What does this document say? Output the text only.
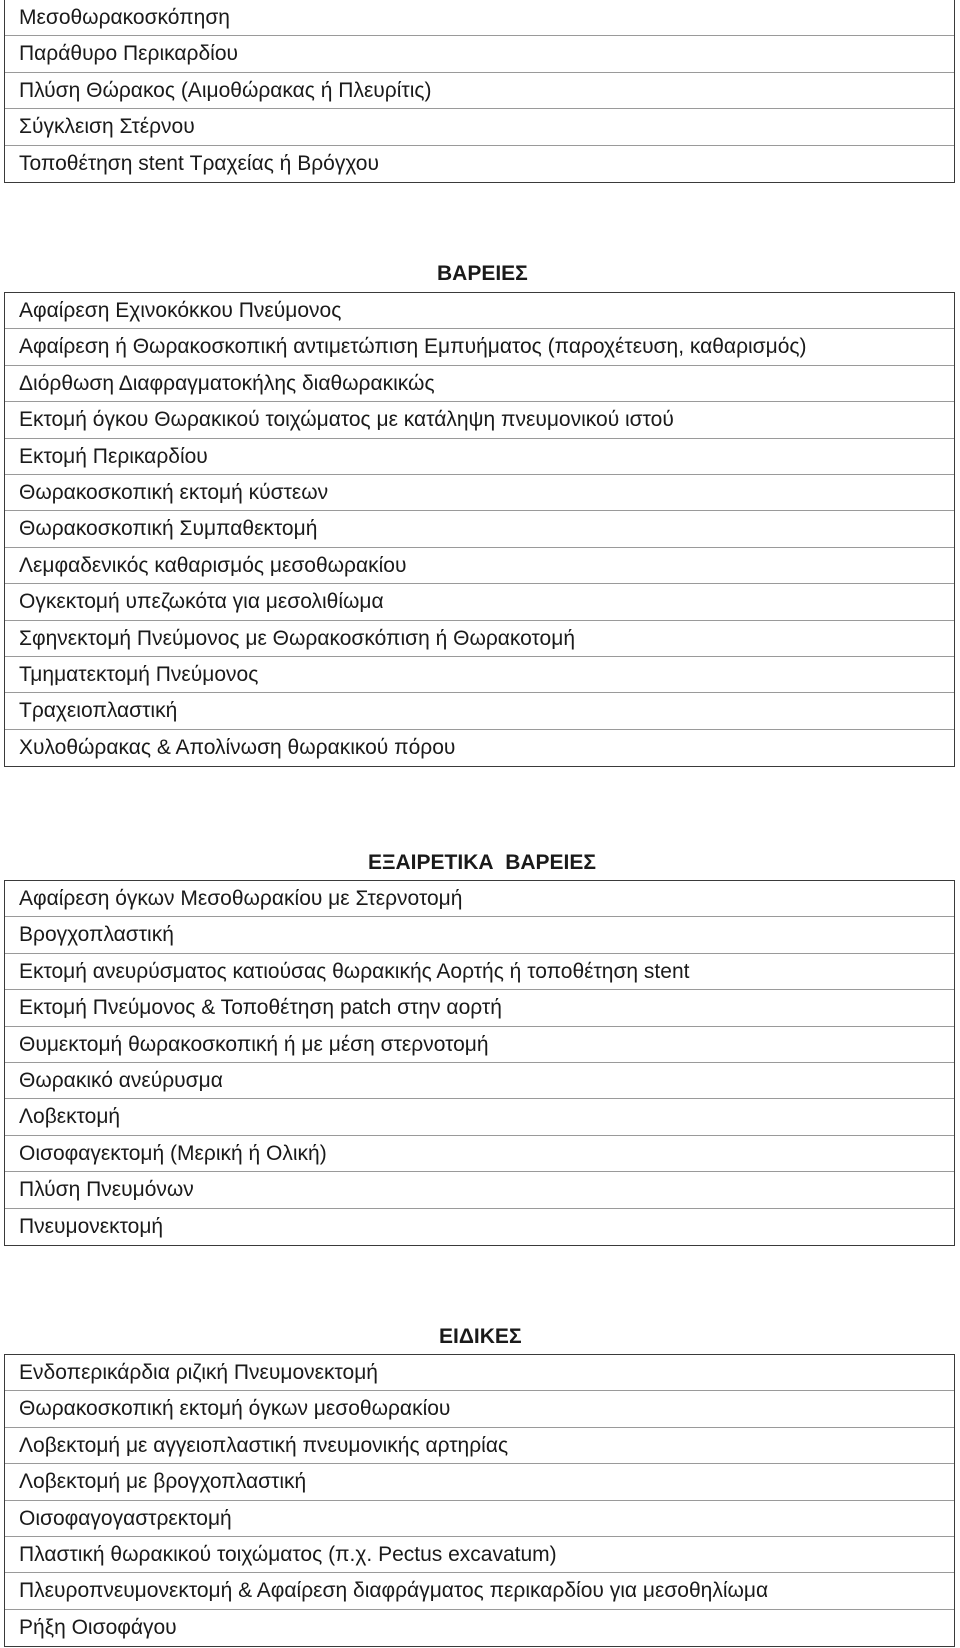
Μεσοθωρακοσκόπηση
Παράθυρο Περικαρδίου
Πλύση Θώρακος (Αιμοθώρακας ή Πλευρίτις)
Σύγκλειση Στέρνου
Τοποθέτηση stent Τραχείας ή Βρόγχου
ΒΑΡΕΙΕΣ
Αφαίρεση Εχινοκόκκου Πνεύμονος
Αφαίρεση ή Θωρακοσκοπική αντιμετώπιση Εμπυήματος (παροχέτευση, καθαρισμός)
Διόρθωση Διαφραγματοκήλης διαθωρακικώς
Εκτομή όγκου Θωρακικού τοιχώματος με κατάληψη πνευμονικού ιστού
Εκτομή Περικαρδίου
Θωρακοσκοπική εκτομή κύστεων
Θωρακοσκοπική Συμπαθεκτομή
Λεμφαδενικός καθαρισμός μεσοθωρακίου
Ογκεκτομή υπεζωκότα για μεσολιθίωμα
Σφηνεκτομή Πνεύμονος με Θωρακοσκόπιση ή Θωρακοτομή
Τμηματεκτομή Πνεύμονος
Τραχειοπλαστική
Χυλοθώρακας & Απολίνωση θωρακικού πόρου
ΕΞΑΙΡΕΤΙΚΑ  ΒΑΡΕΙΕΣ
Αφαίρεση όγκων Μεσοθωρακίου με Στερνοτομή
Βρογχοπλαστική
Εκτομή ανευρύσματος κατιούσας θωρακικής Αορτής ή τοποθέτηση stent
Εκτομή Πνεύμονος & Τοποθέτηση patch στην αορτή
Θυμεκτομή θωρακοσκοπική ή με μέση στερνοτομή
Θωρακικό ανεύρυσμα
Λοβεκτομή
Οισοφαγεκτομή (Μερική ή Ολική)
Πλύση Πνευμόνων
Πνευμονεκτομή
ΕΙΔΙΚΕΣ
Ενδοπερικάρδια ριζική Πνευμονεκτομή
Θωρακοσκοπική εκτομή όγκων μεσοθωρακίου
Λοβεκτομή με αγγειοπλαστική πνευμονικής αρτηρίας
Λοβεκτομή με βρογχοπλαστική
Οισοφαγογαστρεκτομή
Πλαστική θωρακικού τοιχώματος (π.χ. Pectus excavatum)
Πλευροπνευμονεκτομή & Αφαίρεση διαφράγματος περικαρδίου για μεσοθηλίωμα
Ρήξη Οισοφάγου
